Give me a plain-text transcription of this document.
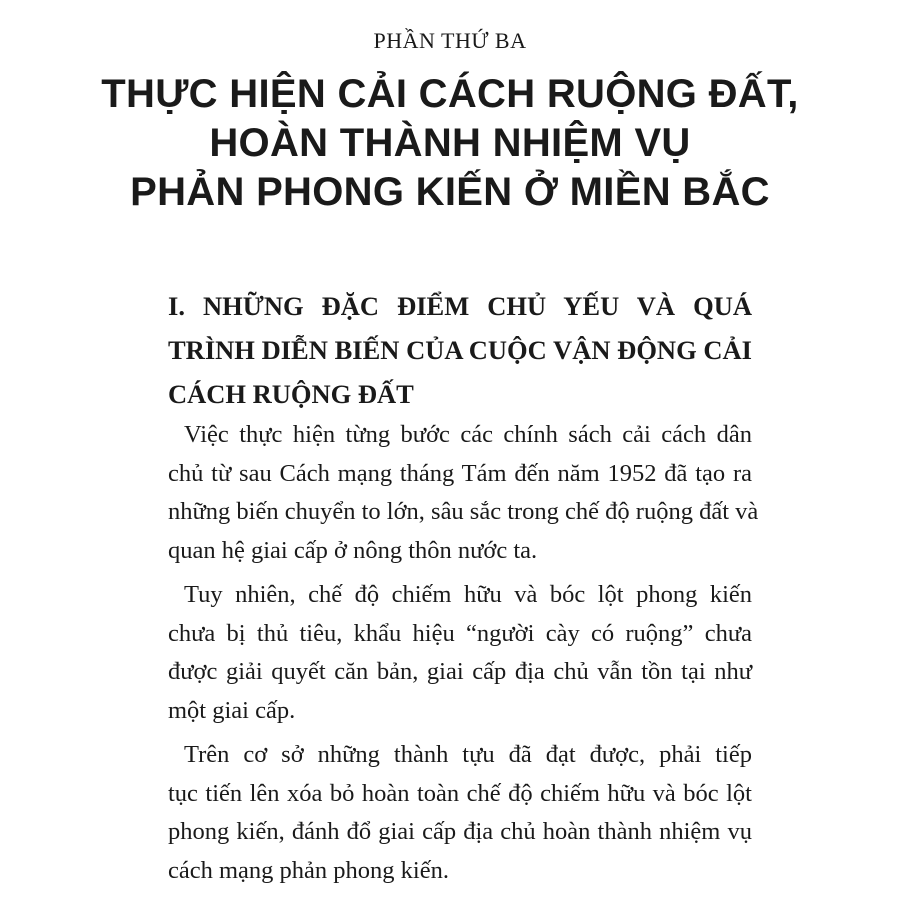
PHẦN THỨ BA
THỰC HIỆN CẢI CÁCH RUỘNG ĐẤT,
HOÀN THÀNH NHIỆM VỤ
PHẢN PHONG KIẾN Ở MIỀN BẮC
I. NHỮNG ĐẶC ĐIỂM CHỦ YẾU VÀ QUÁ
TRÌNH DIỄN BIẾN CỦA CUỘC VẬN ĐỘNG CẢI
CÁCH RUỘNG ĐẤT
Việc thực hiện từng bước các chính sách cải cách dân
chủ từ sau Cách mạng tháng Tám đến năm 1952 đã tạo ra
những biến chuyển to lớn, sâu sắc trong chế độ ruộng đất và
quan hệ giai cấp ở nông thôn nước ta.
Tuy nhiên, chế độ chiếm hữu và bóc lột phong kiến
chưa bị thủ tiêu, khẩu hiệu “người cày có ruộng” chưa
được giải quyết căn bản, giai cấp địa chủ vẫn tồn tại như
một giai cấp.
Trên cơ sở những thành tựu đã đạt được, phải tiếp
tục tiến lên xóa bỏ hoàn toàn chế độ chiếm hữu và bóc lột
phong kiến, đánh đổ giai cấp địa chủ hoàn thành nhiệm vụ
cách mạng phản phong kiến.
